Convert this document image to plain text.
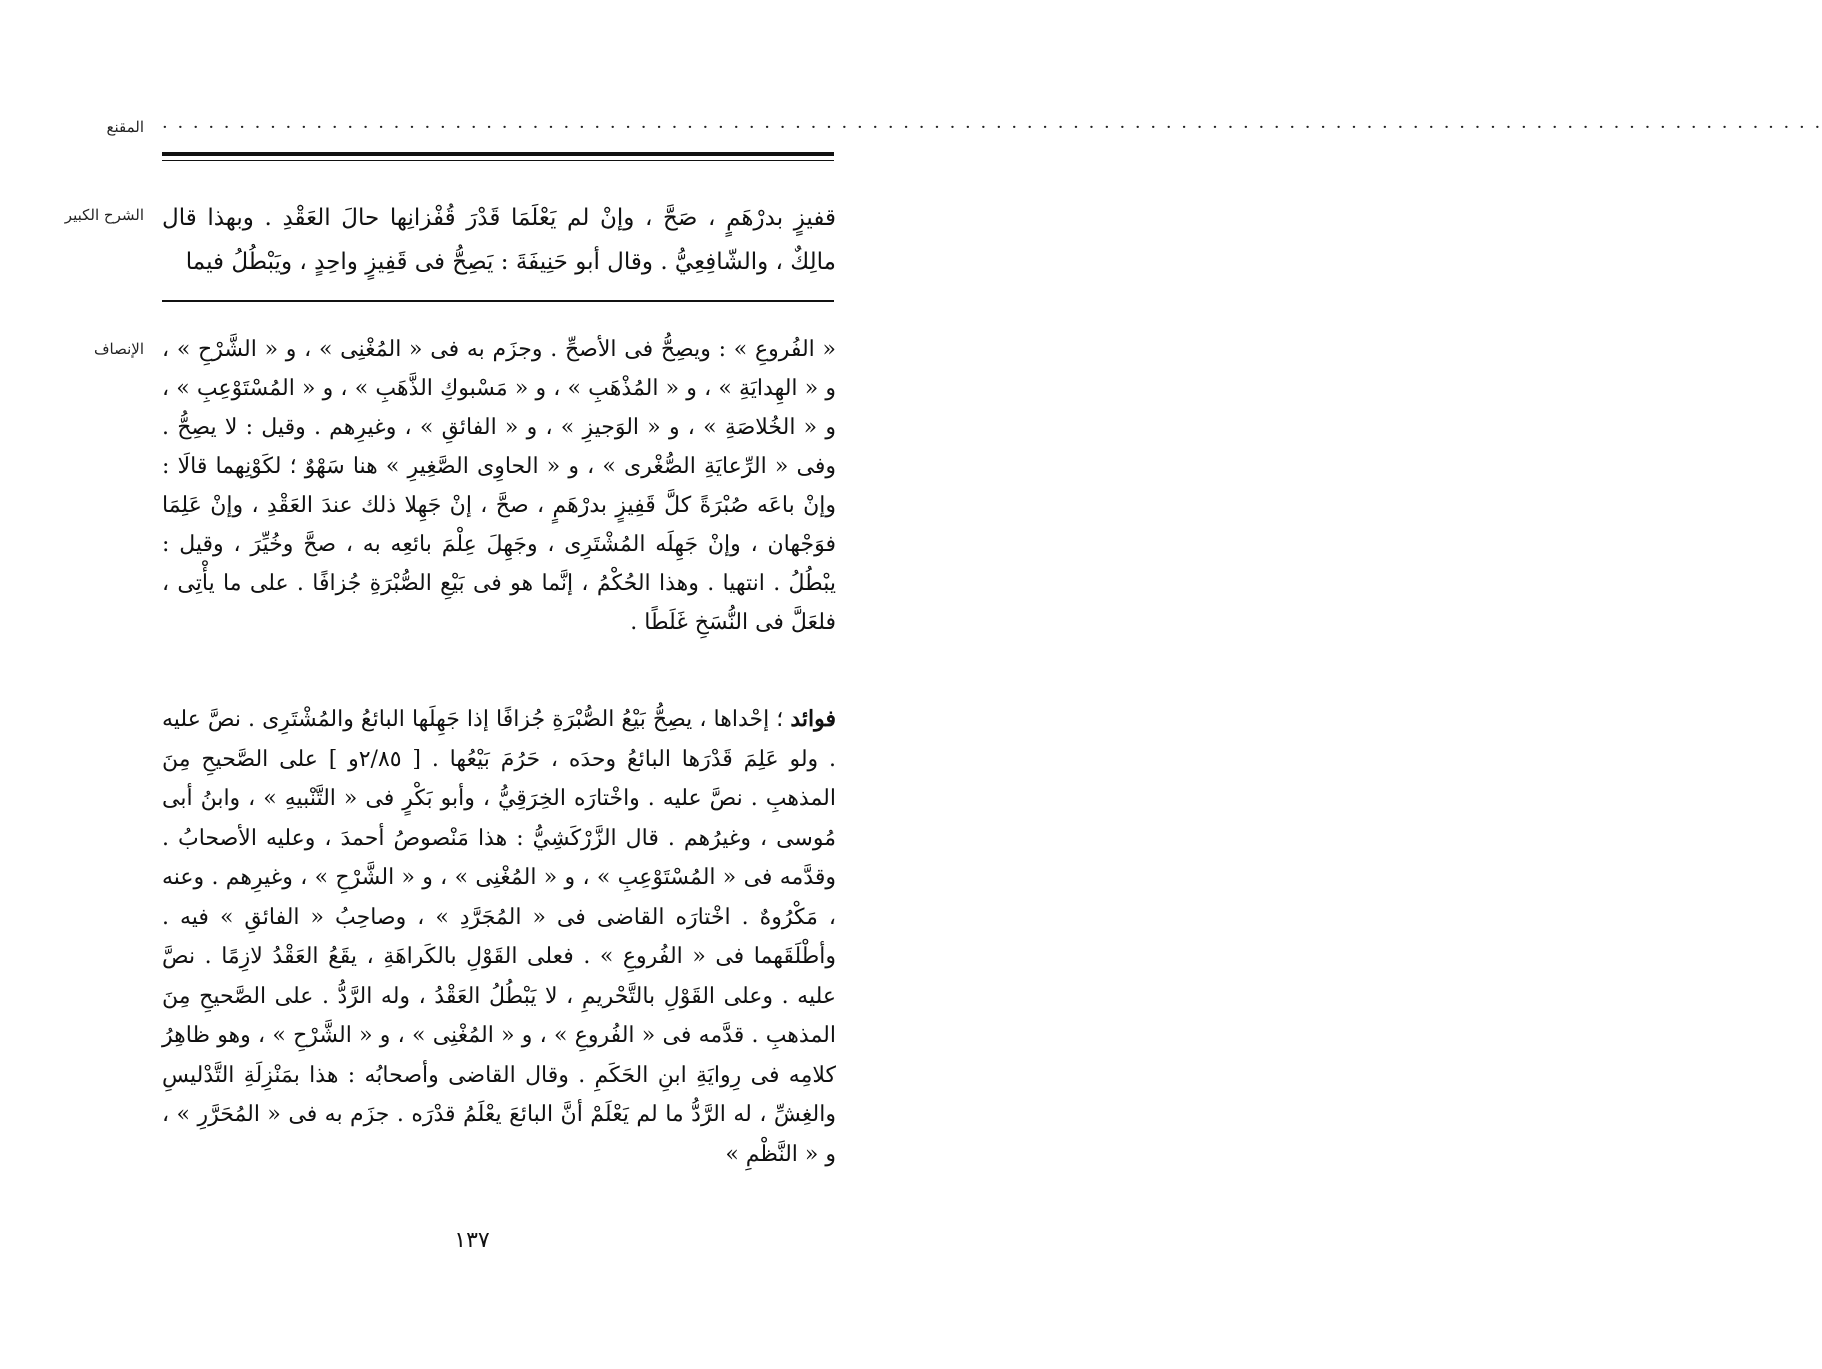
المقنع · · · · · · · · · · · · · · · · · · · · · · · · · · · · · · · · · · · · · · · · · · · · · · · · · · · · · · · · · · · · · · · · · · · · · · · · · · · · · · · · · · · · · · · · · · · · · · · · · · · · · · · · · · · ·
الشرح الكبير قفيزٍ بدرْهَمٍ ، صَحَّ ، وإنْ لم يَعْلَمَا قَدْرَ قُفْزانِها حالَ العَقْدِ . وبهذا قال مالِكٌ ، والشّافِعِيُّ . وقال أبو حَنِيفَةَ : يَصِحُّ فى قَفِيزٍ واحِدٍ ، ويَبْطُلُ فيما

الإنصاف « الفُروعِ » : ويصِحُّ فى الأصحِّ . وجزَم به فى « المُغْنِى » ، و « الشَّرْحِ » ، و « الهِدايَةِ » ، و « المُذْهَبِ » ، و « مَسْبوكِ الذَّهَبِ » ، و « المُسْتَوْعِبِ » ، و « الخُلاصَةِ » ، و « الوَجيزِ » ، و « الفائقِ » ، وغيرِهم . وقيل : لا يصِحُّ . وفى « الرِّعايَةِ الصُّغْرى » ، و « الحاوِى الصَّغِيرِ » هنا سَهْوٌ ؛ لكَوْنِهما قالَا : وإنْ باعَه صُبْرَةً كلَّ قَفِيزٍ بدرْهَمٍ ، صحَّ ، إنْ جَهِلا ذلك عندَ العَقْدِ ، وإنْ عَلِمَا فوَجْهان ، وإنْ جَهِلَه المُشْتَرِى ، وجَهِلَ عِلْمَ بائعِه به ، صحَّ وخُيِّرَ ، وقيل : يبْطُلُ . انتهيا . وهذا الحُكْمُ ، إنَّما هو فى بَيْعِ الصُّبْرَةِ جُزافًا . على ما يأْتِى ، فلعَلَّ فى النُّسَخِ غَلَطًا .

فوائد ؛ إحْداها ، يصِحُّ بَيْعُ الصُّبْرَةِ جُزافًا إذا جَهِلَها البائعُ والمُشْتَرِى . نصَّ عليه . ولو عَلِمَ قَدْرَها البائعُ وحدَه ، حَرُمَ بَيْعُها . [ ٢/٨٥و ] على الصَّحيحِ مِنَ المذهبِ . نصَّ عليه . واخْتارَه الخِرَقِيُّ ، وأبو بَكْرٍ فى « التَّنْبيهِ » ، وابنُ أبى مُوسى ، وغيرُهم . قال الزَّرْكَشِيُّ : هذا مَنْصوصُ أحمدَ ، وعليه الأصحابُ . وقدَّمه فى « المُسْتَوْعِبِ » ، و « المُغْنِى » ، و « الشَّرْحِ » ، وغيرِهم . وعنه ، مَكْرُوهٌ . اخْتارَه القاضى فى « المُجَرَّدِ » ، وصاحِبُ « الفائقِ » فيه . وأطْلَقَهما فى « الفُروعِ » . فعلى القَوْلِ بالكَراهَةِ ، يقَعُ العَقْدُ لازِمًا . نصَّ عليه . وعلى القَوْلِ بالتَّحْريمِ ، لا يَبْطُلُ العَقْدُ ، وله الرَّدُّ . على الصَّحيحِ مِنَ المذهبِ . قدَّمه فى « الفُروعِ » ، و « المُغْنِى » ، و « الشَّرْحِ » ، وهو ظاهِرُ كلامِه فى رِوايَةِ ابنِ الحَكَمِ . وقال القاضى وأصحابُه : هذا بمَنْزِلَةِ التَّدْليسِ والغِشِّ ، له الرَّدُّ ما لم يَعْلَمْ أنَّ البائعَ يعْلَمُ قدْرَه . جزَم به فى « المُحَرَّرِ » ، و « النَّظْمِ »

١٣٧
